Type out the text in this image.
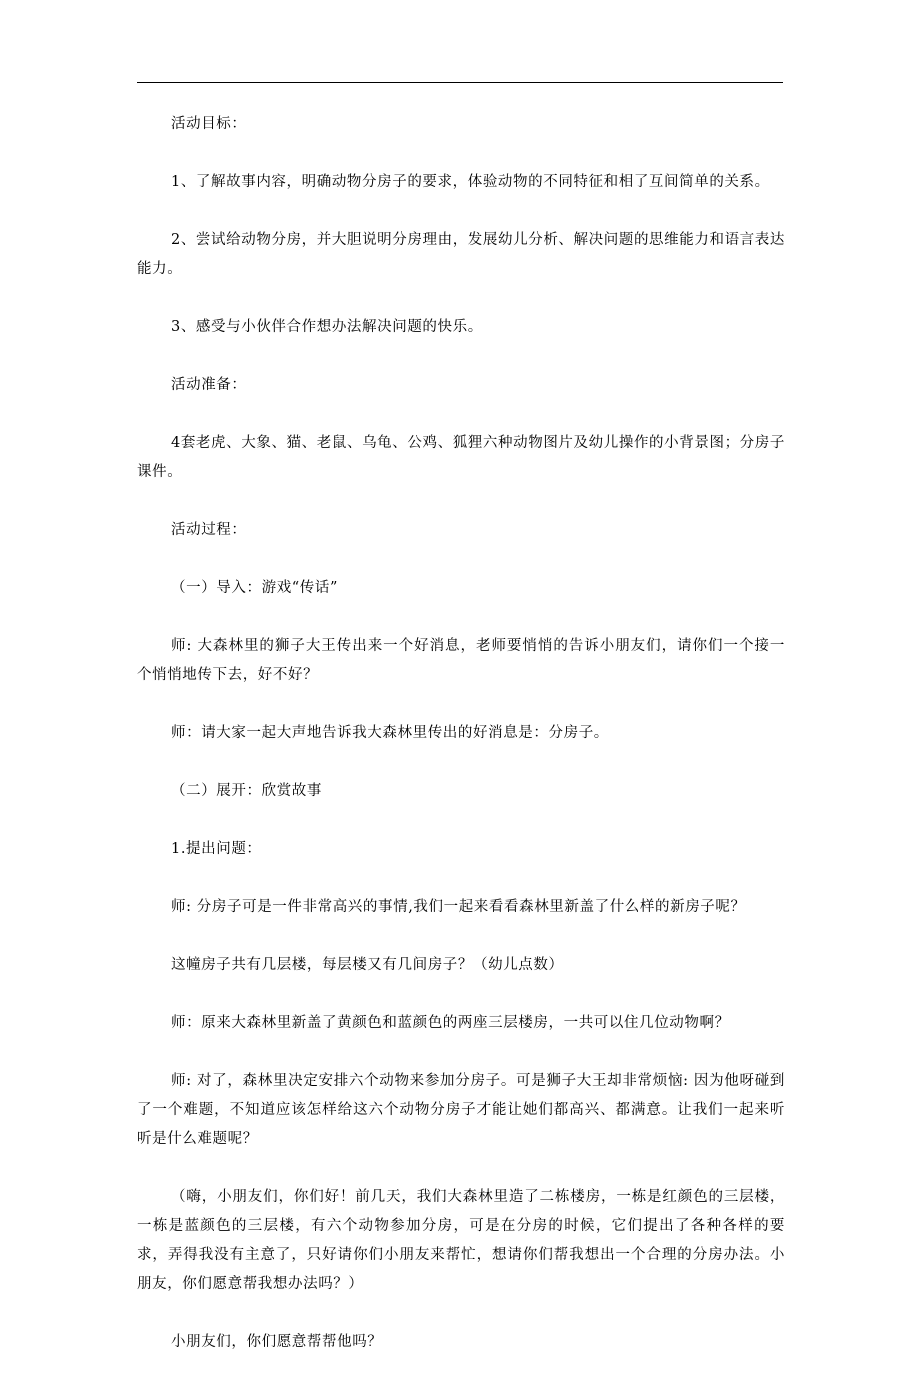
活动目标：

1、了解故事内容，明确动物分房子的要求，体验动物的不同特征和相了互间简单的关系。

2、尝试给动物分房，并大胆说明分房理由，发展幼儿分析、解决问题的思维能力和语言表达能力。

3、感受与小伙伴合作想办法解决问题的快乐。

活动准备：

4套老虎、大象、猫、老鼠、乌龟、公鸡、狐狸六种动物图片及幼儿操作的小背景图；分房子课件。

活动过程：

（一）导入：游戏“传话”

师: 大森林里的狮子大王传出来一个好消息，老师要悄悄的告诉小朋友们，请你们一个接一个悄悄地传下去，好不好？

师：请大家一起大声地告诉我大森林里传出的好消息是：分房子。

（二）展开：欣赏故事

1.提出问题：

师: 分房子可是一件非常高兴的事情,我们一起来看看森林里新盖了什么样的新房子呢？

这幢房子共有几层楼，每层楼又有几间房子？（幼儿点数）

师：原来大森林里新盖了黄颜色和蓝颜色的两座三层楼房，一共可以住几位动物啊？

师: 对了，森林里决定安排六个动物来参加分房子。可是狮子大王却非常烦恼: 因为他呀碰到了一个难题，不知道应该怎样给这六个动物分房子才能让她们都高兴、都满意。让我们一起来听听是什么难题呢？

（嗨，小朋友们，你们好！前几天，我们大森林里造了二栋楼房，一栋是红颜色的三层楼，一栋是蓝颜色的三层楼，有六个动物参加分房，可是在分房的时候，它们提出了各种各样的要求，弄得我没有主意了，只好请你们小朋友来帮忙，想请你们帮我想出一个合理的分房办法。小朋友，你们愿意帮我想办法吗？）

小朋友们，你们愿意帮帮他吗？
